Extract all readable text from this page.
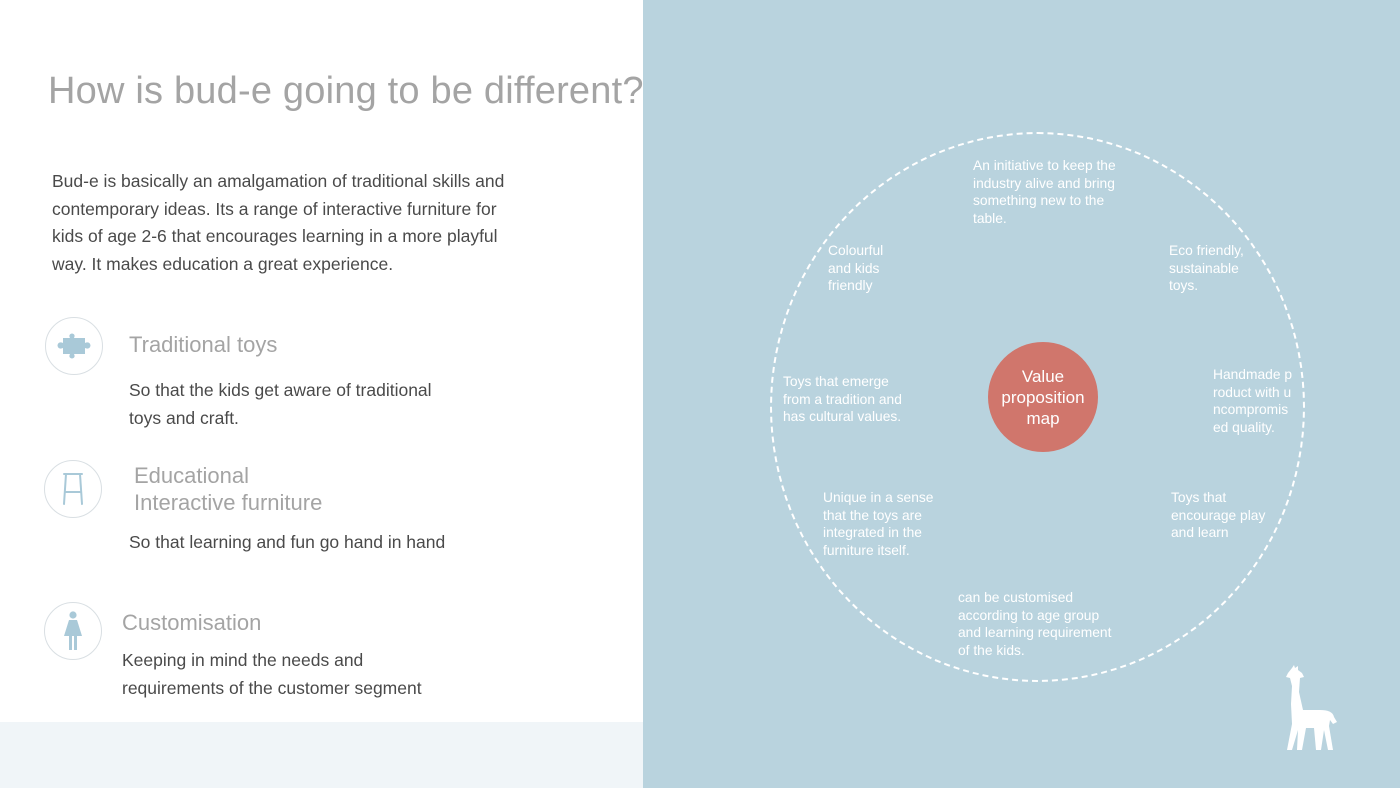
How is bud-e going to be different?

Bud-e is basically an amalgamation of traditional skills and contemporary ideas. Its a range of interactive furniture for kids of age 2-6 that encourages learning in a more playful way. It makes education a great experience.

Traditional toys
So that the kids get aware of traditional toys and craft.
Educational
Interactive furniture
So that learning and fun go hand in hand
Customisation
Keeping in mind the needs and requirements of the customer segment
Value proposition map
An initiative to keep the industry alive and bring something new to the table.
Colourful and kids friendly
Eco friendly, sustainable toys.
Toys that emerge from a tradition and has cultural values.
Handmade product with uncompromised quality.
Unique in a sense that the toys are integrated in the furniture itself.
Toys that encourage play and learn
can be customised according to age group and learning requirement of the kids.
